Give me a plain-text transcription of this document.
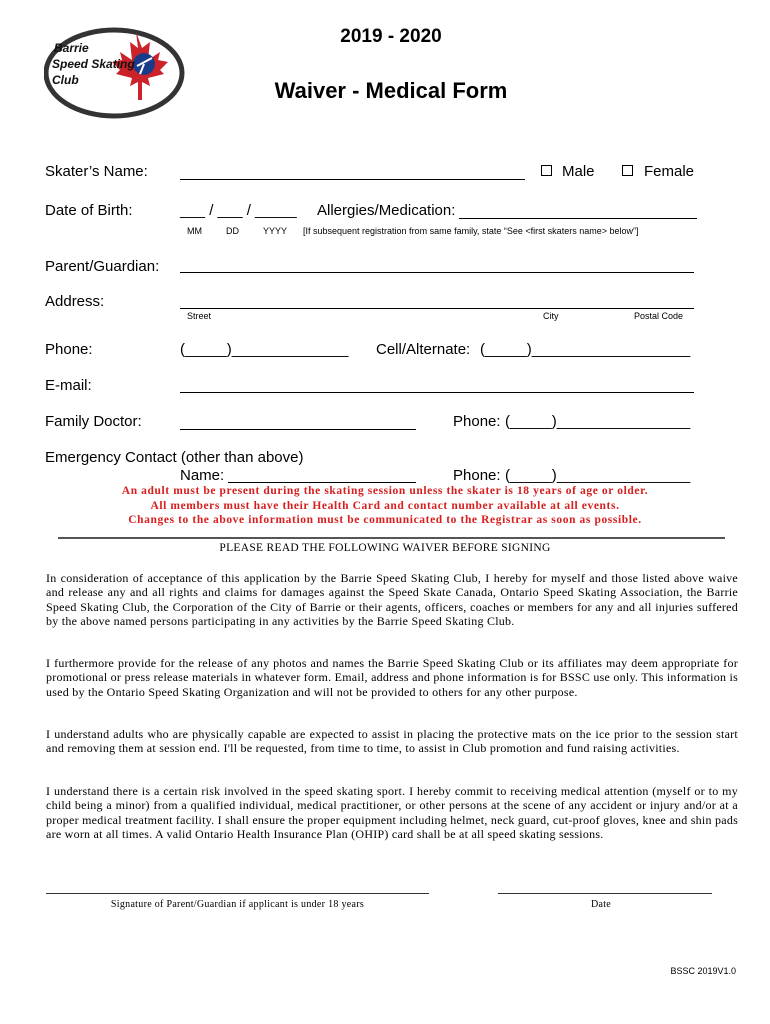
Barrie
Speed Skating
Club
2019 - 2020
Waiver - Medical Form
Skater’s Name:	Male	Female
Date of Birth:	___ / ___ / _____ Allergies/Medication:
MM	DD	YYYY [If subsequent registration from same family, state “See <first skaters name> below”]
Parent/Guardian:
Address:
Street	City	Postal Code
Phone:	(_____)______________ Cell/Alternate: (_____)___________________
E-mail:
Family Doctor:	Phone: (_____)________________
Emergency Contact (other than above)
Name:	Phone: (_____)________________
An adult must be present during the skating session unless the skater is 18 years of age or older.
All members must have their Health Card and contact number available at all events.
Changes to the above information must be communicated to the Registrar as soon as possible.
PLEASE READ THE FOLLOWING WAIVER BEFORE SIGNING
In consideration of acceptance of this application by the Barrie Speed Skating Club, I hereby for myself and those listed above waive and release any and all rights and claims for damages against the Speed Skate Canada, Ontario Speed Skating Association, the Barrie Speed Skating Club, the Corporation of the City of Barrie or their agents, officers, coaches or members for any and all injuries suffered by the above named persons participating in any activities by the Barrie Speed Skating Club.
I furthermore provide for the release of any photos and names the Barrie Speed Skating Club or its affiliates may deem appropriate for promotional or press release materials in whatever form. Email, address and phone information is for BSSC use only. This information is used by the Ontario Speed Skating Organization and will not be provided to others for any other purpose.
I understand adults who are physically capable are expected to assist in placing the protective mats on the ice prior to the session start and removing them at session end. I'll be requested, from time to time, to assist in Club promotion and fund raising activities.
I understand there is a certain risk involved in the speed skating sport. I hereby commit to receiving medical attention (myself or to my child being a minor) from a qualified individual, medical practitioner, or other persons at the scene of any accident or injury and/or at a proper medical treatment facility. I shall ensure the proper equipment including helmet, neck guard, cut-proof gloves, knee and shin pads are worn at all times. A valid Ontario Health Insurance Plan (OHIP) card shall be at all speed skating sessions.
Signature of Parent/Guardian if applicant is under 18 years	Date
BSSC 2019V1.0
